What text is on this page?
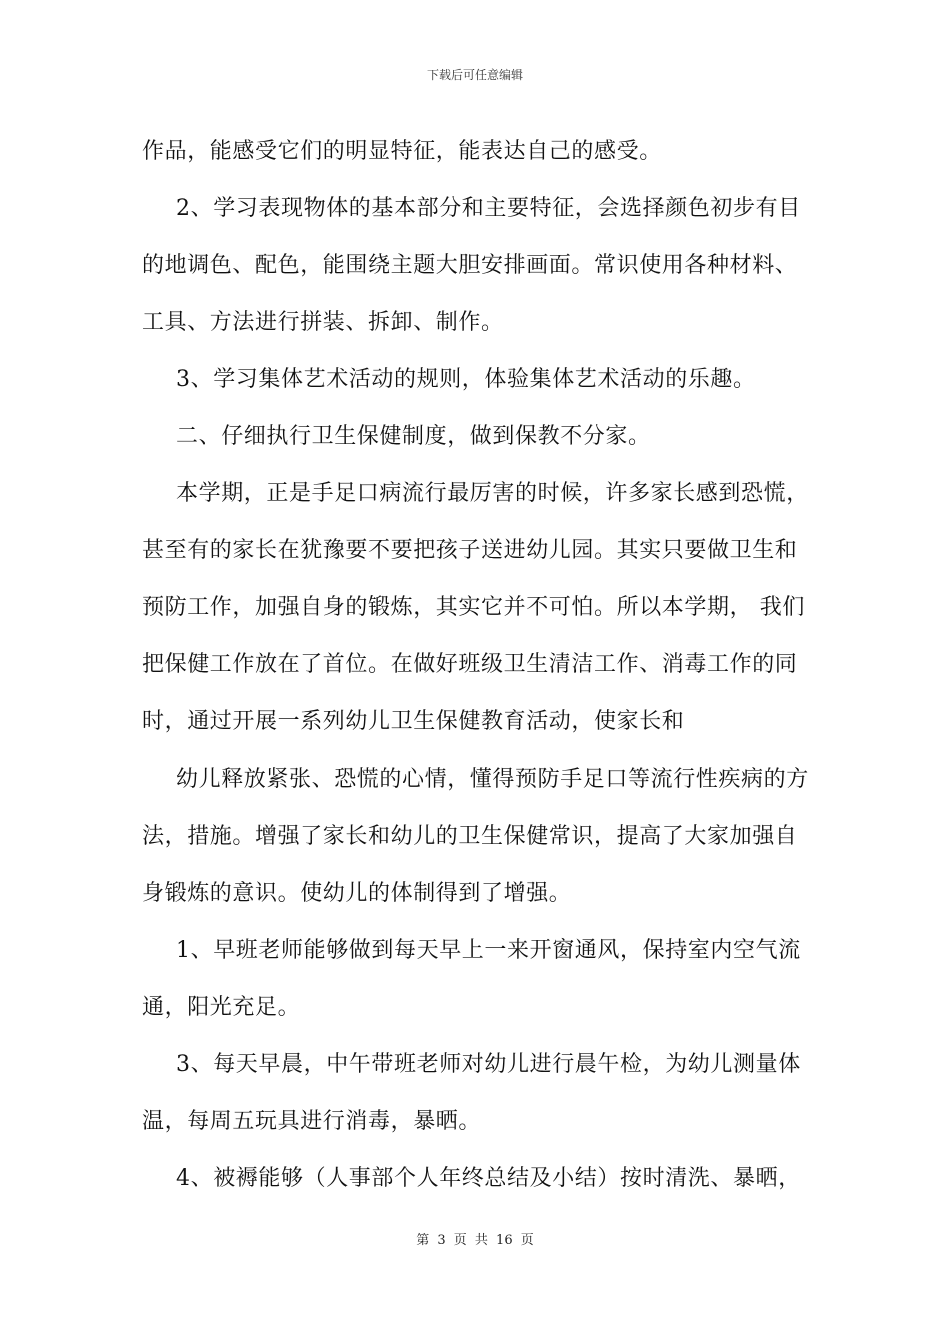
下载后可任意编辑
作品，能感受它们的明显特征，能表达自己的感受。
2、学习表现物体的基本部分和主要特征，会选择颜色初步有目
的地调色、配色，能围绕主题大胆安排画面。常识使用各种材料、
工具、方法进行拼装、拆卸、制作。
3、学习集体艺术活动的规则，体验集体艺术活动的乐趣。
二、仔细执行卫生保健制度，做到保教不分家。
本学期，正是手足口病流行最厉害的时候，许多家长感到恐慌，
甚至有的家长在犹豫要不要把孩子送进幼儿园。其实只要做卫生和
预防工作，加强自身的锻炼，其实它并不可怕。所以本学期， 我们
把保健工作放在了首位。在做好班级卫生清洁工作、消毒工作的同
时，通过开展一系列幼儿卫生保健教育活动，使家长和
幼儿释放紧张、恐慌的心情，懂得预防手足口等流行性疾病的方
法，措施。增强了家长和幼儿的卫生保健常识，提高了大家加强自
身锻炼的意识。使幼儿的体制得到了增强。
1、早班老师能够做到每天早上一来开窗通风，保持室内空气流
通，阳光充足。
3、每天早晨，中午带班老师对幼儿进行晨午检，为幼儿测量体
温，每周五玩具进行消毒，暴晒。
4、被褥能够（人事部个人年终总结及小结）按时清洗、暴晒，
第 3 页 共 16 页
